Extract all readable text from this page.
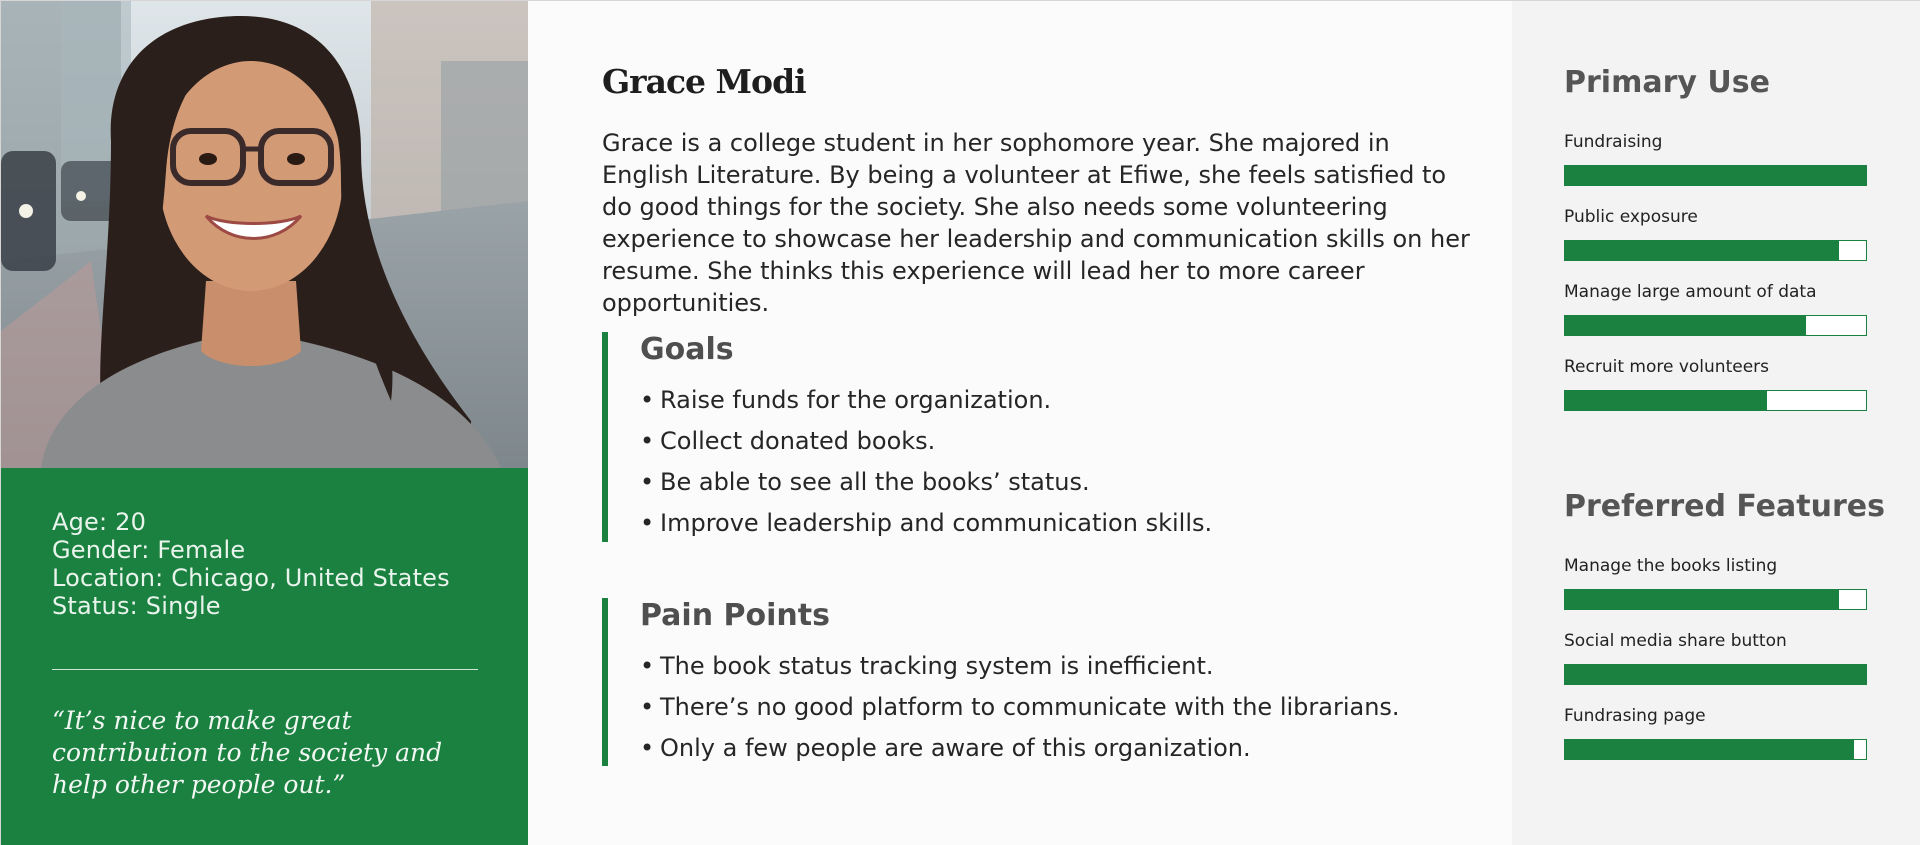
Age: 20
Gender: Female
Location: Chicago, United States
Status: Single
“It’s nice to make great contribution to the society and help other people out.”
Grace Modi

Grace is a college student in her sophomore year. She majored in English Literature. By being a volunteer at Efiwe, she feels satisfied to do good things for the society. She also needs some volunteering experience to showcase her leadership and communication skills on her resume. She thinks this experience will lead her to more career opportunities.

Goals
• Raise funds for the organization.
• Collect donated books.
• Be able to see all the books’ status.
• Improve leadership and communication skills.
Pain Points
• The book status tracking system is inefficient.
• There’s no good platform to communicate with the librarians.
• Only a few people are aware of this organization.
Primary Use
Fundraising
Public exposure
Manage large amount of data
Recruit more volunteers
Preferred Features
Manage the books listing
Social media share button
Fundrasing page
